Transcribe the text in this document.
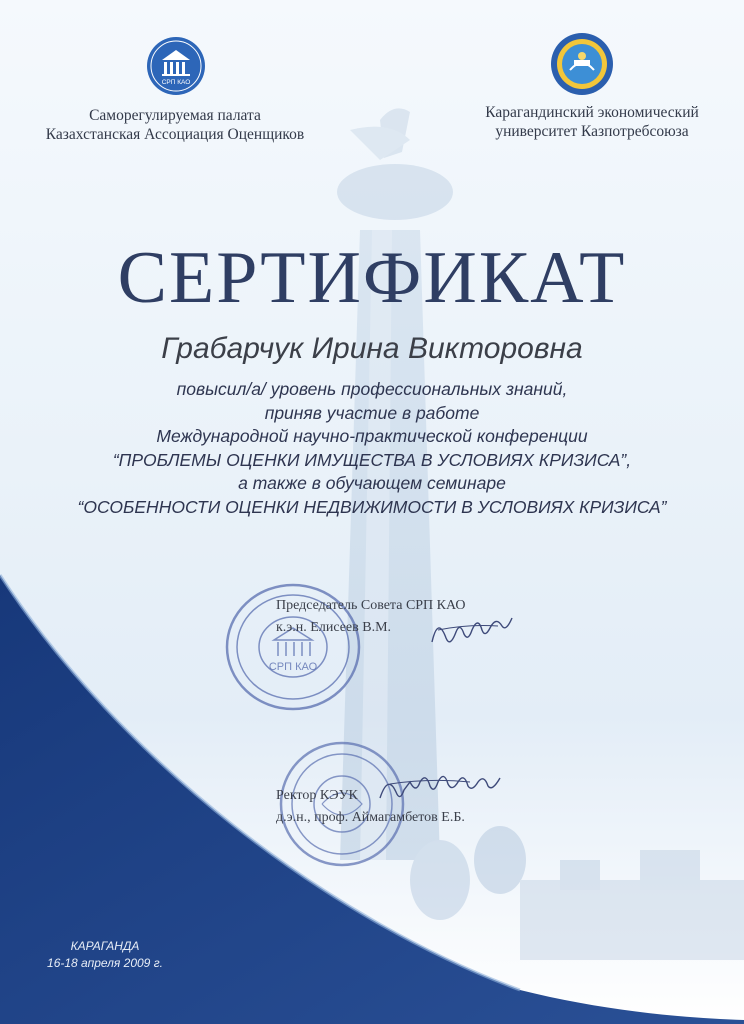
СРП КАО
Саморегулируемая палата
Казахстанская Ассоциация Оценщиков
Карагандинский экономический
университет Казпотребсоюза
СЕРТИФИКАТ
Грабарчук Ирина Викторовна
повысил/а/ уровень профессиональных знаний,
приняв участие в работе
Международной научно-практической конференции
“ПРОБЛЕМЫ ОЦЕНКИ ИМУЩЕСТВА В УСЛОВИЯХ КРИЗИСА”,
а также в обучающем семинаре
“ОСОБЕННОСТИ ОЦЕНКИ НЕДВИЖИМОСТИ В УСЛОВИЯХ КРИЗИСА”
СРП КАО
Председатель Совета СРП КАО
к.э.н. Елисеев В.М.
Ректор КЭУК
д.э.н., проф. Аймагамбетов Е.Б.
КАРАГАНДА
16-18 апреля 2009 г.
